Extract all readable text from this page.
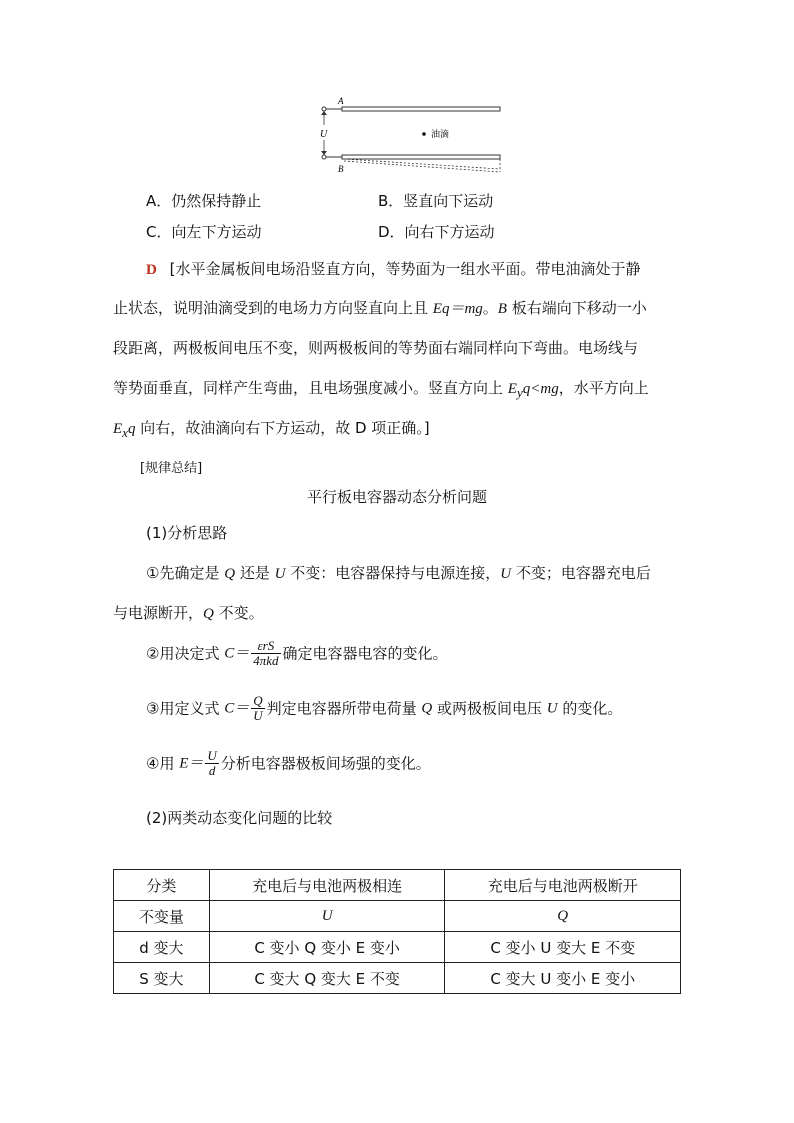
U
A
B
油滴
A．仍然保持静止	B．竖直向下运动
C．向左下方运动	D．向右下方运动
D [水平金属板间电场沿竖直方向，等势面为一组水平面。带电油滴处于静
止状态，说明油滴受到的电场力方向竖直向上且 Eq＝mg。B 板右端向下移动一小
段距离，两极板间电压不变，则两极板间的等势面右端同样向下弯曲。电场线与
等势面垂直，同样产生弯曲，且电场强度减小。竖直方向上 $E_yq<mg$，水平方向上
$E_xq$ 向右，故油滴向右下方运动，故 D 项正确。]
[规律总结]
平行板电容器动态分析问题
(1)分析思路
①先确定是 Q 还是 U 不变：电容器保持与电源连接，U 不变；电容器充电后
与电源断开，Q 不变。
②用决定式 $C= \frac{\text{εrS}}{\text{4πkd}}$ 确定电容器电容的变化。
③用定义式 $C= \frac{Q}{U}$ 判定电容器所带电荷量 Q 或两极板间电压 U 的变化。
④用 $E= \frac{U}{d}$ 分析电容器极板间场强的变化。
(2)两类动态变化问题的比较
分类	充电后与电池两极相连	充电后与电池两极断开
不变量	U	Q
d 变大	C 变小 Q 变小 E 变小	C 变小 U 变大 E 不变
S 变大	C 变大 Q 变大 E 不变	C 变大 U 变小 E 变小
